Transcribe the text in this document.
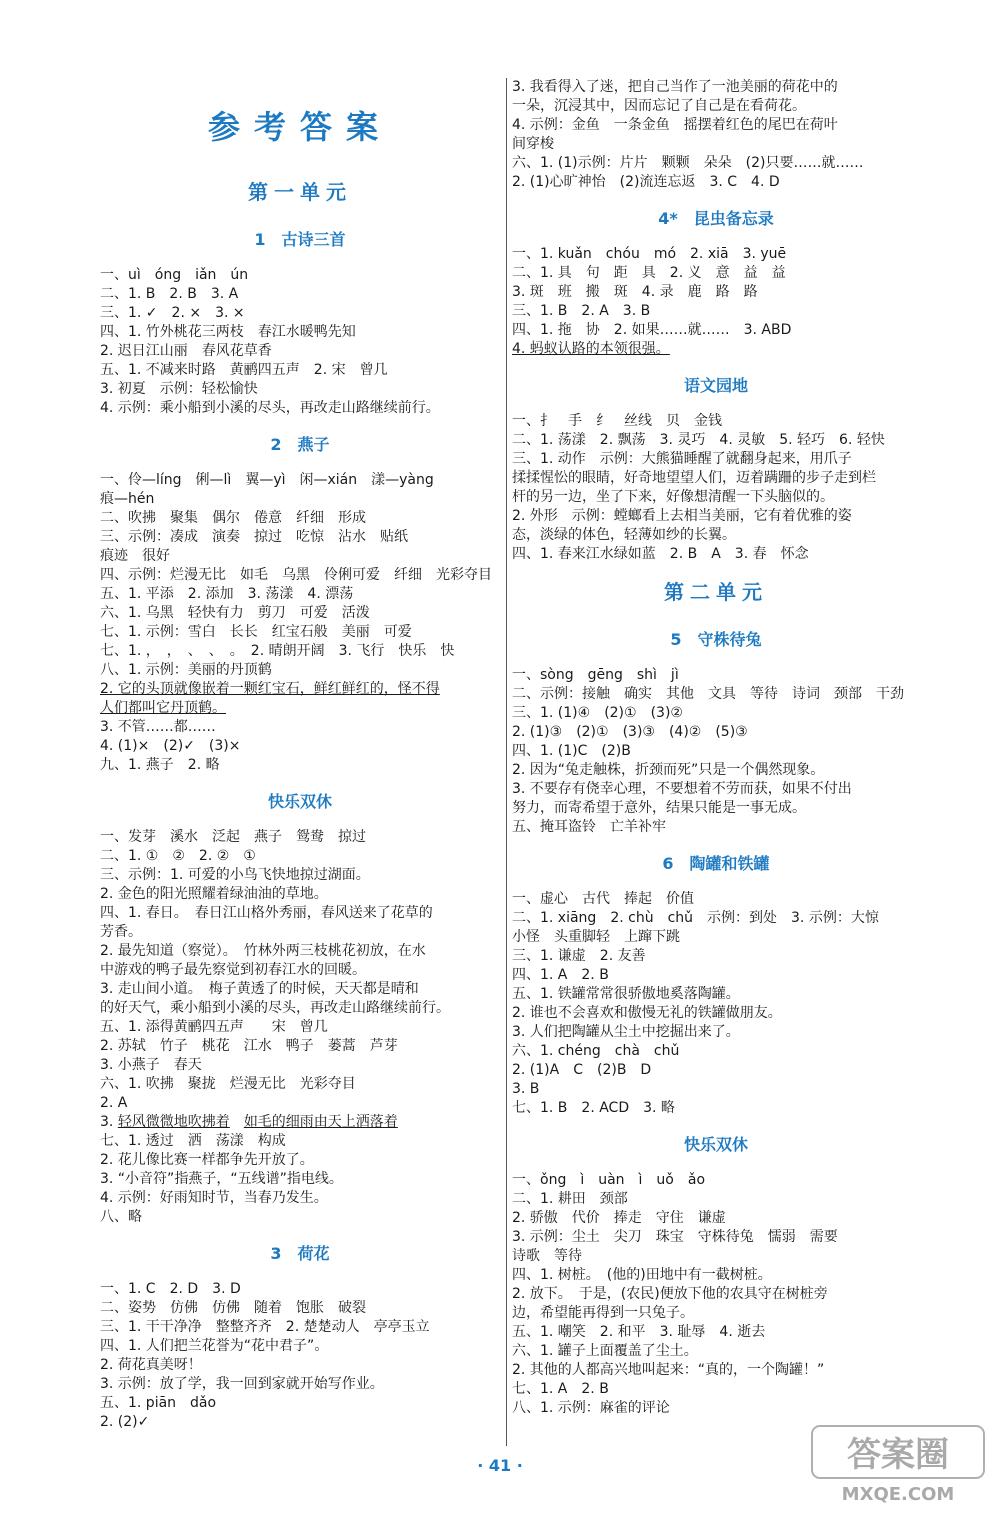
参考答案
第一单元
1　古诗三首
一、uì　óng　iǎn　ún
二、1. B　2. B　3. A
三、1. ✓　2. ×　3. ×
四、1. 竹外桃花三两枝　春江水暖鸭先知
2. 迟日江山丽　春风花草香
五、1. 不减来时路　黄鹂四五声　2. 宋　曾几
3. 初夏　示例：轻松愉快
4. 示例：乘小船到小溪的尽头，再改走山路继续前行。
2　燕子
一、伶—líng　俐—lì　翼—yì　闲—xián　漾—yàng
痕—hén
二、吹拂　聚集　偶尔　倦意　纤细　形成
三、示例：凑成　演奏　掠过　吃惊　沾水　贴纸
痕迹　很好
四、示例：烂漫无比　如毛　乌黑　伶俐可爱　纤细　光彩夺目
五、1. 平添　2. 添加　3. 荡漾　4. 漂荡
六、1. 乌黑　轻快有力　剪刀　可爱　活泼
七、1. 示例：雪白　长长　红宝石般　美丽　可爱
七、1. ，　，　、　、　。　2. 晴朗开阔　3. 飞行　快乐　快
八、1. 示例：美丽的丹顶鹤
2. 它的头顶就像嵌着一颗红宝石，鲜红鲜红的，怪不得
人们都叫它丹顶鹤。
3. 不管……都……
4. (1)×　(2)✓　(3)×
九、1. 燕子　2. 略
快乐双休
一、发芽　溪水　泛起　燕子　鸳鸯　掠过
二、1. ①　②　2. ②　①
三、示例：1. 可爱的小鸟飞快地掠过湖面。
2. 金色的阳光照耀着绿油油的草地。
四、1. 春日。　春日江山格外秀丽，春风送来了花草的
芳香。
2. 最先知道（察觉）。　竹林外两三枝桃花初放，在水
中游戏的鸭子最先察觉到初春江水的回暖。
3. 走山间小道。　梅子黄透了的时候，天天都是晴和
的好天气，乘小船到小溪的尽头，再改走山路继续前行。
五、1. 添得黄鹂四五声　　宋　曾几
2. 苏轼　竹子　桃花　江水　鸭子　蒌蒿　芦芽
3. 小燕子　春天
六、1. 吹拂　聚拢　烂漫无比　光彩夺目
2. A
3. 轻风微微地吹拂着　 如毛的细雨由天上洒落着
七、1. 透过　洒　荡漾　构成
2. 花儿像比赛一样都争先开放了。
3. “小音符”指燕子，“五线谱”指电线。
4. 示例：好雨知时节，当春乃发生。
八、略
3　荷花
一、1. C　2. D　3. D
二、姿势　仿佛　仿佛　随着　饱胀　破裂
三、1. 干干净净　整整齐齐　2. 楚楚动人　亭亭玉立
四、1. 人们把兰花誉为“花中君子”。
2. 荷花真美呀！
3. 示例：放了学，我一回到家就开始写作业。
五、1. piān　dǎo
2. (2)✓
3. 我看得入了迷，把自己当作了一池美丽的荷花中的
一朵，沉浸其中，因而忘记了自己是在看荷花。
4. 示例：金鱼　一条金鱼　摇摆着红色的尾巴在荷叶
间穿梭
六、1. (1)示例：片片　颗颗　朵朵　(2)只要……就……
2. (1)心旷神怡　(2)流连忘返　3. C　4. D
4*　昆虫备忘录
一、1. kuǎn　chóu　mó　2. xiā　3. yuē
二、1. 具　句　距　具　2. 义　意　益　益
3. 斑　班　搬　斑　4. 录　鹿　路　路
三、1. B　2. A　3. B
四、1. 拖　协　2. 如果……就……　3. ABD
4. 蚂蚁认路的本领很强。
语文园地
一、扌　手　纟　丝线　贝　金钱
二、1. 荡漾　2. 飘荡　3. 灵巧　4. 灵敏　5. 轻巧　6. 轻快
三、1. 动作　示例：大熊猫睡醒了就翻身起来，用爪子
揉揉惺忪的眼睛，好奇地望望人们，迈着蹒跚的步子走到栏
杆的另一边，坐了下来，好像想清醒一下头脑似的。
2. 外形　示例：螳螂看上去相当美丽，它有着优雅的姿
态，淡绿的体色，轻薄如纱的长翼。
四、1. 春来江水绿如蓝　2. B　A　3. 春　怀念
第二单元
5　守株待兔
一、sòng　gēng　shì　jì
二、示例：接触　确实　其他　文具　等待　诗词　颈部　干劲
三、1. (1)④　(2)①　(3)②
2. (1)③　(2)①　(3)③　(4)②　(5)③
四、1. (1)C　(2)B
2. 因为“兔走触株，折颈而死”只是一个偶然现象。
3. 不要存有侥幸心理，不要想着不劳而获，如果不付出
努力，而寄希望于意外，结果只能是一事无成。
五、掩耳盗铃　亡羊补牢
6　陶罐和铁罐
一、虚心　古代　捧起　价值
二、1. xiāng　2. chù　chǔ　示例：到处　3. 示例：大惊
小怪　头重脚轻　上蹿下跳
三、1. 谦虚　2. 友善
四、1. A　2. B
五、1. 铁罐常常很骄傲地奚落陶罐。
2. 谁也不会喜欢和傲慢无礼的铁罐做朋友。
3. 人们把陶罐从尘土中挖掘出来了。
六、1. chéng　chà　chǔ
2. (1)A　C　(2)B　D
3. B
七、1. B　2. ACD　3. 略
快乐双休
一、ǒng　ì　uàn　ì　uǒ　ǎo
二、1. 耕田　颈部
2. 骄傲　代价　捧走　守住　谦虚
3. 示例：尘土　尖刀　珠宝　守株待兔　懦弱　需要
诗歌　等待
四、1. 树桩。　(他的)田地中有一截树桩。
2. 放下。　于是，(农民)便放下他的农具守在树桩旁
边，希望能再得到一只兔子。
五、1. 嘲笑　2. 和平　3. 耻辱　4. 逝去
六、1. 罐子上面覆盖了尘土。
2. 其他的人都高兴地叫起来：“真的，一个陶罐！”
七、1. A　2. B
八、1. 示例：麻雀的评论
· 41 ·	答案圈
MXQE.COM
